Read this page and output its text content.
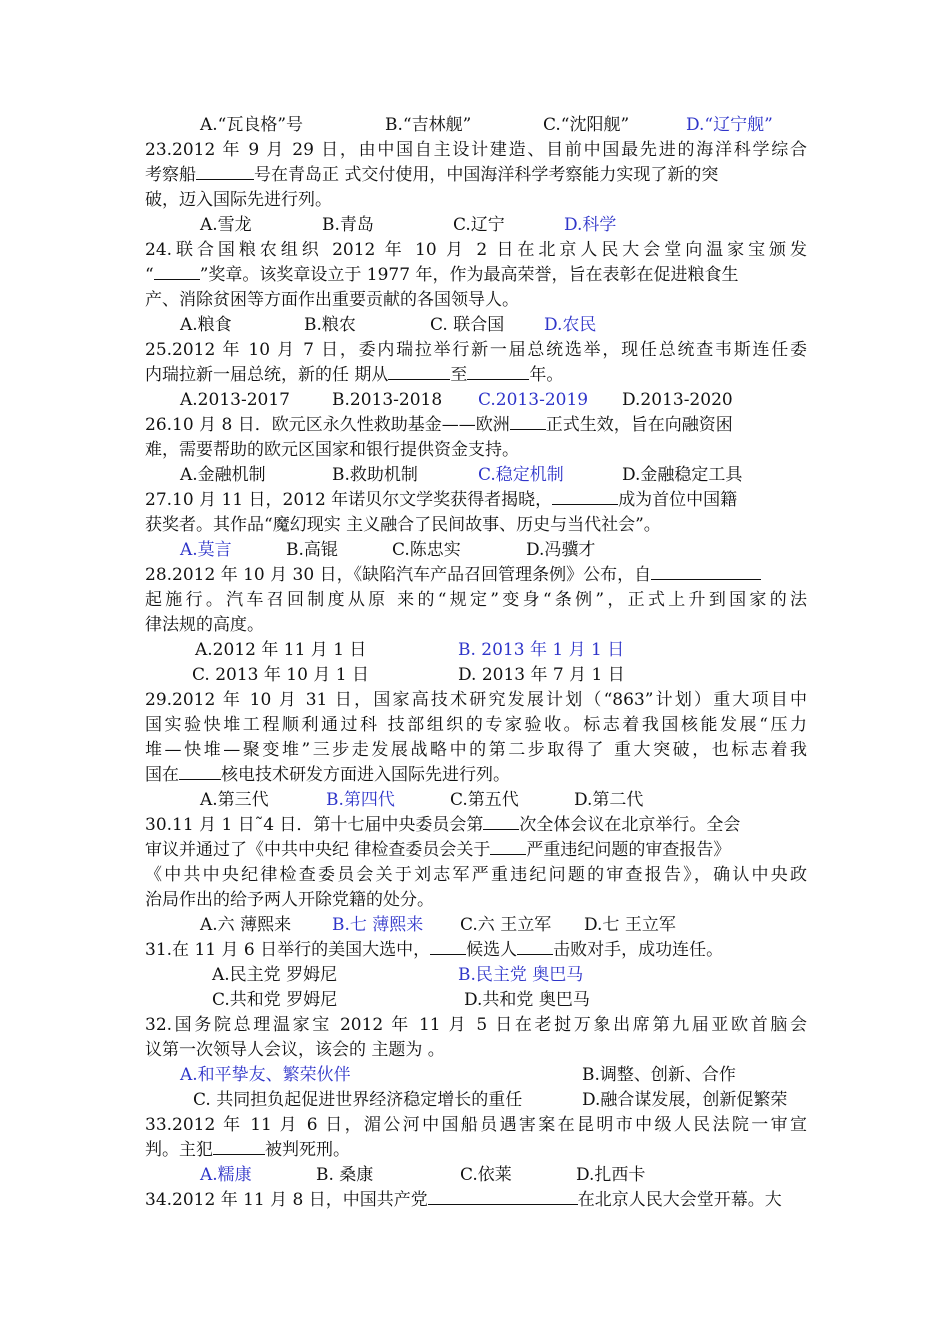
A.“瓦良格”号	B.“吉林舰”	C.“沈阳舰”	D.“辽宁舰”
23.2012 年 9 月 29 日，由中国自主设计建造、目前中国最先进的海洋科学综合
考察船	号在青岛正 式交付使用，中国海洋科学考察能力实现了新的突
破，迈入国际先进行列。
A.雪龙	B.青岛	C.辽宁	D.科学
24.联合国粮农组织 2012 年 10 月 2 日在北京人民大会堂向温家宝颁发
“	”奖章。该奖章设立于 1977 年，作为最高荣誉，旨在表彰在促进粮食生
产、消除贫困等方面作出重要贡献的各国领导人。
A.粮食	B.粮农	C. 联合国 D.农民
25.2012 年 10 月 7 日，委内瑞拉举行新一届总统选举，现任总统查韦斯连任委
内瑞拉新一届总统，新的任 期从	至	年。
A.2013-2017 B.2013-2018 C.2013-2019 D.2013-2020
26.10 月 8 日．欧元区永久性救助基金——欧洲 正式生效，旨在向融资困
难，需要帮助的欧元区国家和银行提供资金支持。
A.金融机制	B.救助机制	C.稳定机制	D.金融稳定工具
27.10 月 11 日，2012 年诺贝尔文学奖获得者揭晓，	成为首位中国籍
获奖者。其作品“魔幻现实 主义融合了民间故事、历史与当代社会”。
A.莫言	B.高锟	C.陈忠实	D.冯骥才
28.2012 年 10 月 30 日，《缺陷汽车产品召回管理条例》公布，自
起施行。汽车召回制度从原 来的“规定”变身“条例”，正式上升到国家的法
律法规的高度。
A.2012 年 11 月 1 日	B. 2013 年 1 月 1 日
C. 2013 年 10 月 1 日	D. 2013 年 7 月 1 日
29.2012 年 10 月 31 日，国家高技术研究发展计划（“863”计划）重大项目中
国实验快堆工程顺利通过科 技部组织的专家验收。标志着我国核能发展“压力
堆—快堆—聚变堆”三步走发展战略中的第二步取得了 重大突破，也标志着我
国在 核电技术研发方面进入国际先进行列。
A.第三代	B.第四代	C.第五代	D.第二代
30.11 月 1 日˜4 日．第十七届中央委员会第 次全体会议在北京举行。全会
审议并通过了《中共中央纪 律检查委员会关于 严重违纪问题的审查报告》
《中共中央纪律检查委员会关于刘志军严重违纪问题的审查报告》，确认中央政
治局作出的给予两人开除党籍的处分。
A.六 薄熙来 B.七 薄熙来 C.六 王立军 D.七 王立军
31.在 11 月 6 日举行的美国大选中， 候选人 击败对手，成功连任。
A.民主党 罗姆尼	B.民主党 奥巴马
C.共和党 罗姆尼	D.共和党 奥巴马
32.国务院总理温家宝 2012 年 11 月 5 日在老挝万象出席第九届亚欧首脑会
议第一次领导人会议，该会的 主题为 。
A.和平挚友、繁荣伙伴	B.调整、创新、合作
C. 共同担负起促进世界经济稳定增长的重任	D.融合谋发展，创新促繁荣
33.2012 年 11 月 6 日，湄公河中国船员遇害案在昆明市中级人民法院一审宣
判。主犯	被判死刑。
A.糯康	B. 桑康	C.依莱	D.扎西卡
34.2012 年 11 月 8 日，中国共产党	在北京人民大会堂开幕。大
